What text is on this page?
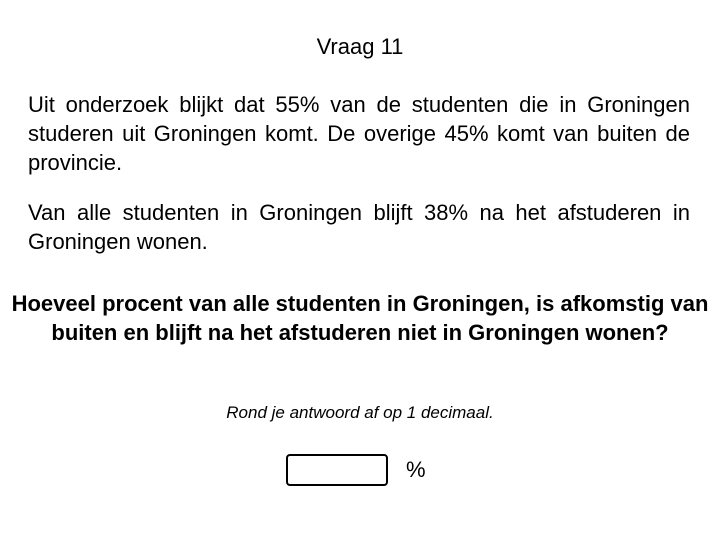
Vraag 11
Uit onderzoek blijkt dat 55% van de studenten die in Groningen studeren uit Groningen komt. De overige 45% komt van buiten de provincie.
Van alle studenten in Groningen blijft 38% na het afstuderen in Groningen wonen.
Hoeveel procent van alle studenten in Groningen, is afkomstig van buiten en blijft na het afstuderen niet in Groningen wonen?
Rond je antwoord af op 1 decimaal.
%
